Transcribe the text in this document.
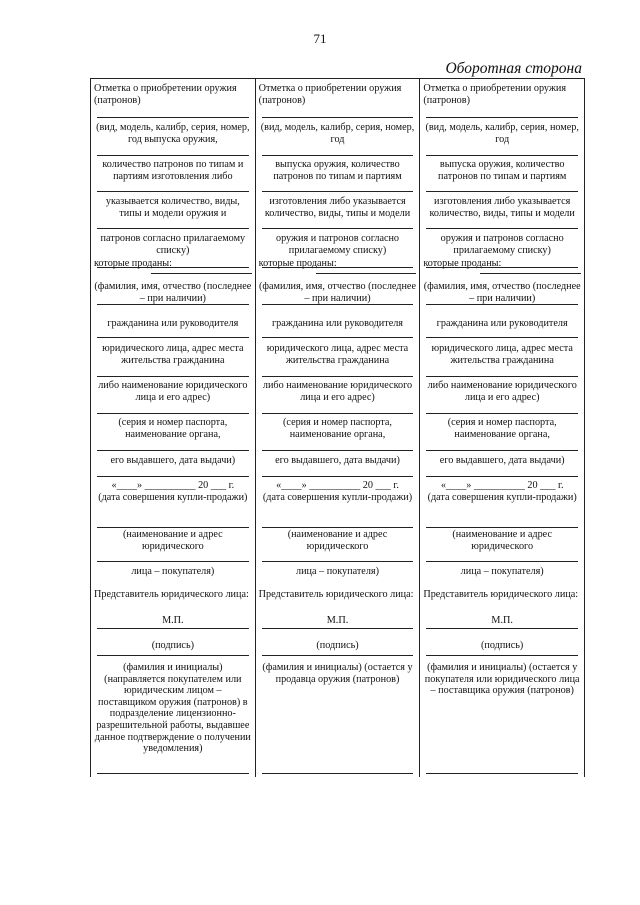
71
Оборотная сторона
Отметка о приобретении оружия (патронов)
(вид, модель, калибр, серия, номер, год выпуска оружия,
количество патронов по типам и партиям изготовления либо
указывается количество, виды, типы и модели оружия и
патронов согласно прилагаемому списку)
которые проданы: ___________
(фамилия, имя, отчество (последнее – при наличии)
гражданина или руководителя
юридического лица, адрес места жительства гражданина
либо наименование юридического лица и его адрес)
(серия и номер паспорта, наименование органа,
его выдавшего, дата выдачи)
«____» __________ 20 ___ г.
(дата совершения купли-продажи)
(наименование и адрес юридического
лица – покупателя)
Представитель юридического лица:
М.П.
(подпись)
(фамилия и инициалы) (направляется покупателем или юридическим лицом – поставщиком оружия (патронов) в подразделение лицензионно-разрешительной работы, выдавшее данное подтверждение о получении уведомления)
Отметка о приобретении оружия (патронов)
(вид, модель, калибр, серия, номер, год
выпуска оружия, количество патронов по типам и партиям
изготовления либо указывается количество, виды, типы и модели
оружия и патронов согласно прилагаемому списку)
которые проданы: ___________
(фамилия, имя, отчество (последнее – при наличии)
гражданина или руководителя
юридического лица, адрес места жительства гражданина
либо наименование юридического лица и его адрес)
(серия и номер паспорта, наименование органа,
его выдавшего, дата выдачи)
«____» __________ 20 ___ г.
(дата совершения купли-продажи)
(наименование и адрес юридического
лица – покупателя)
Представитель юридического лица:
М.П.
(подпись)
(фамилия и инициалы) (остается у продавца оружия (патронов)
Отметка о приобретении оружия (патронов)
(вид, модель, калибр, серия, номер, год
выпуска оружия, количество патронов по типам и партиям
изготовления либо указывается количество, виды, типы и модели
оружия и патронов согласно прилагаемому списку)
которые проданы: ___________
(фамилия, имя, отчество (последнее – при наличии)
гражданина или руководителя
юридического лица, адрес места жительства гражданина
либо наименование юридического лица и его адрес)
(серия и номер паспорта, наименование органа,
его выдавшего, дата выдачи)
«____» __________ 20 ___ г.
(дата совершения купли-продажи)
(наименование и адрес юридического
лица – покупателя)
Представитель юридического лица:
М.П.
(подпись)
(фамилия и инициалы) (остается у покупателя или юридического лица – поставщика оружия (патронов)
